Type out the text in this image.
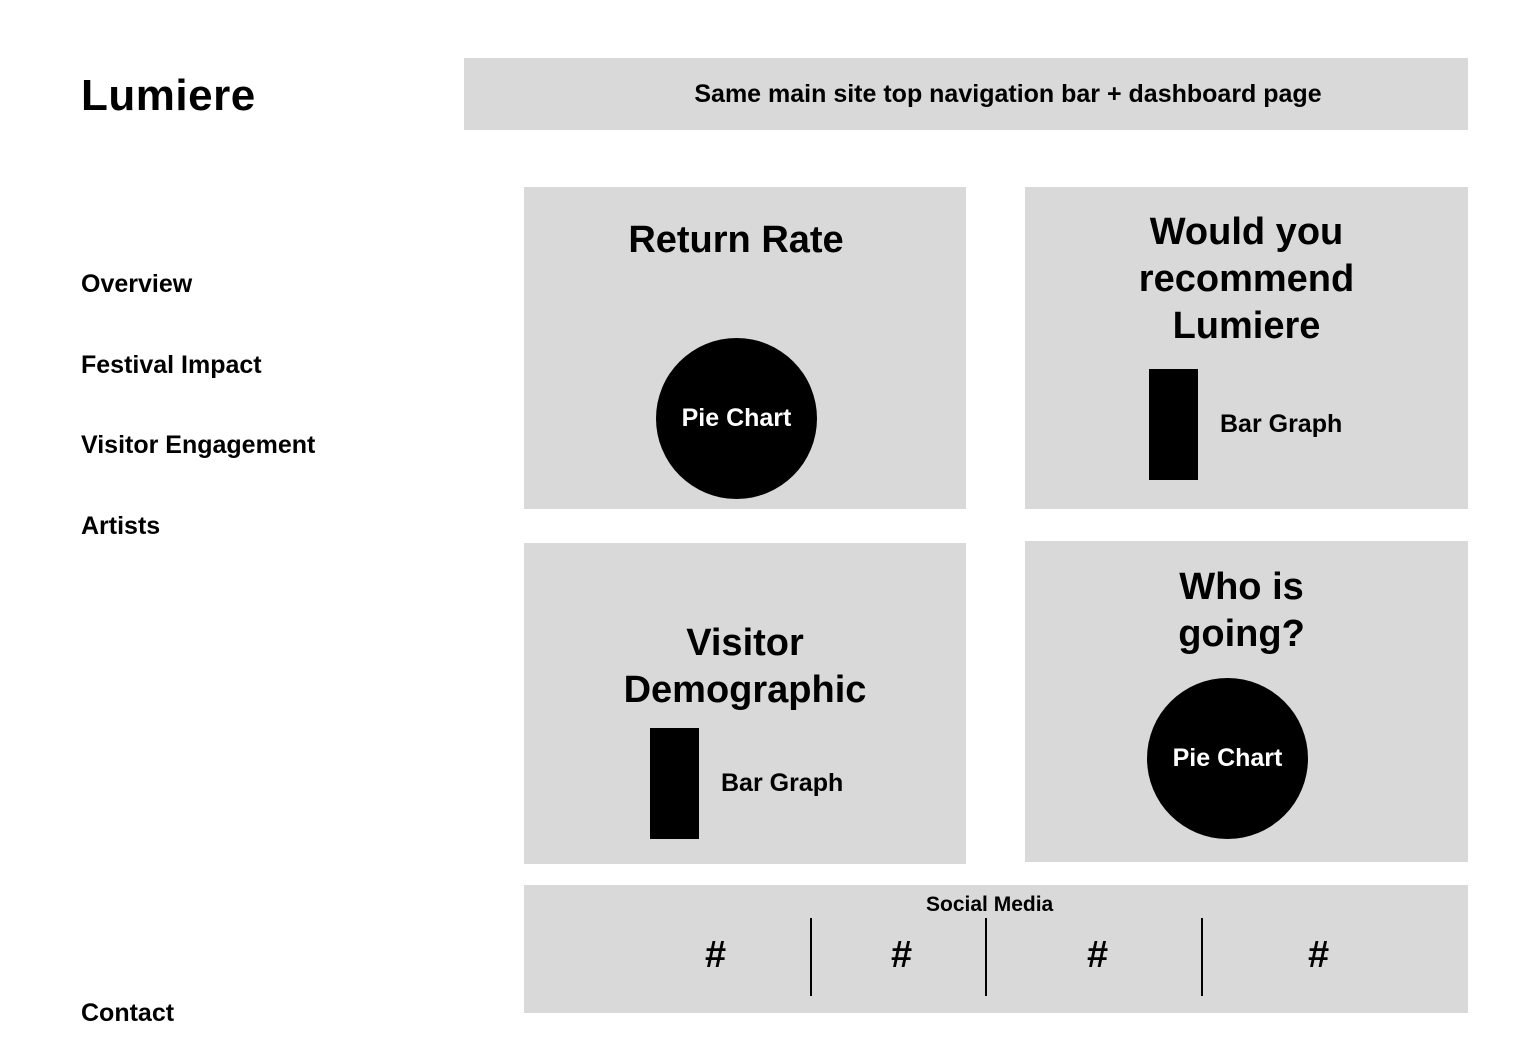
Lumiere
Overview
Festival Impact
Visitor Engagement
Artists
Contact
Same main site top navigation bar + dashboard page
Return Rate
Pie Chart
Would you
recommend
Lumiere
Bar Graph
Visitor
Demographic
Bar Graph
Who is
going?
Pie Chart
Social Media
#	#	#	#
